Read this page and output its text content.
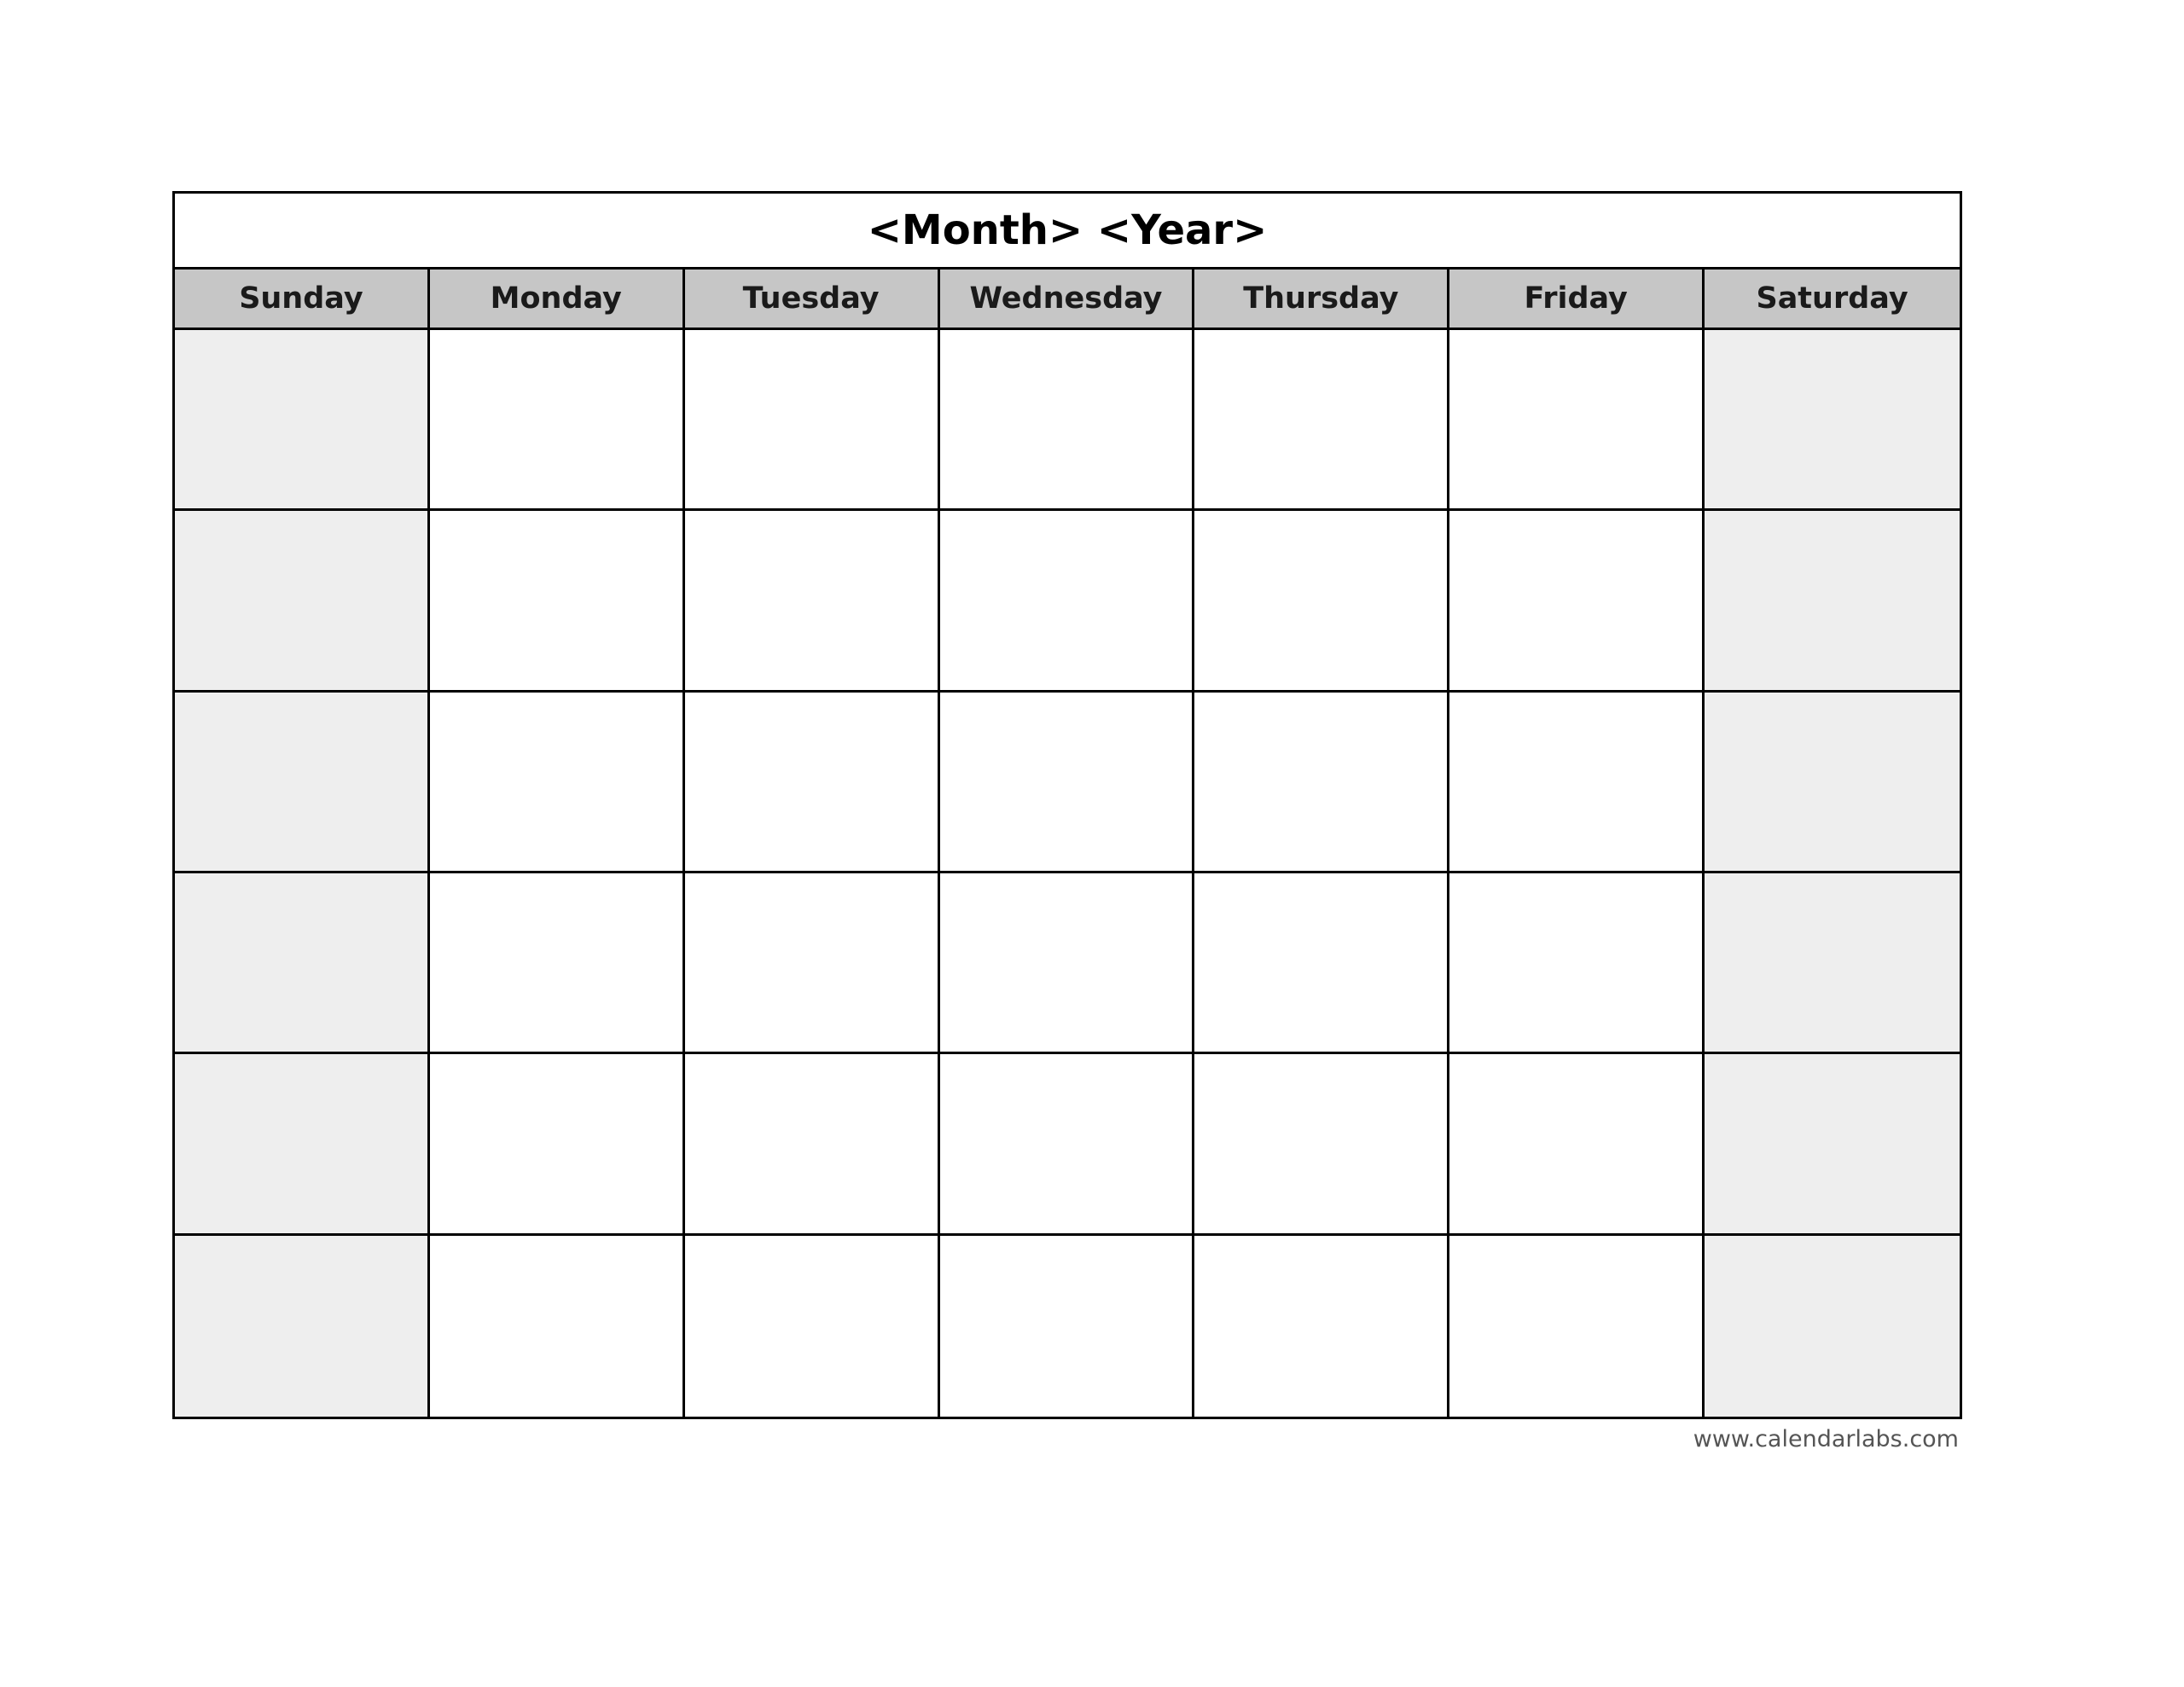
<Month> <Year>
Sunday	Monday	Tuesday	Wednesday	Thursday	Friday	Saturday
www.calendarlabs.com
